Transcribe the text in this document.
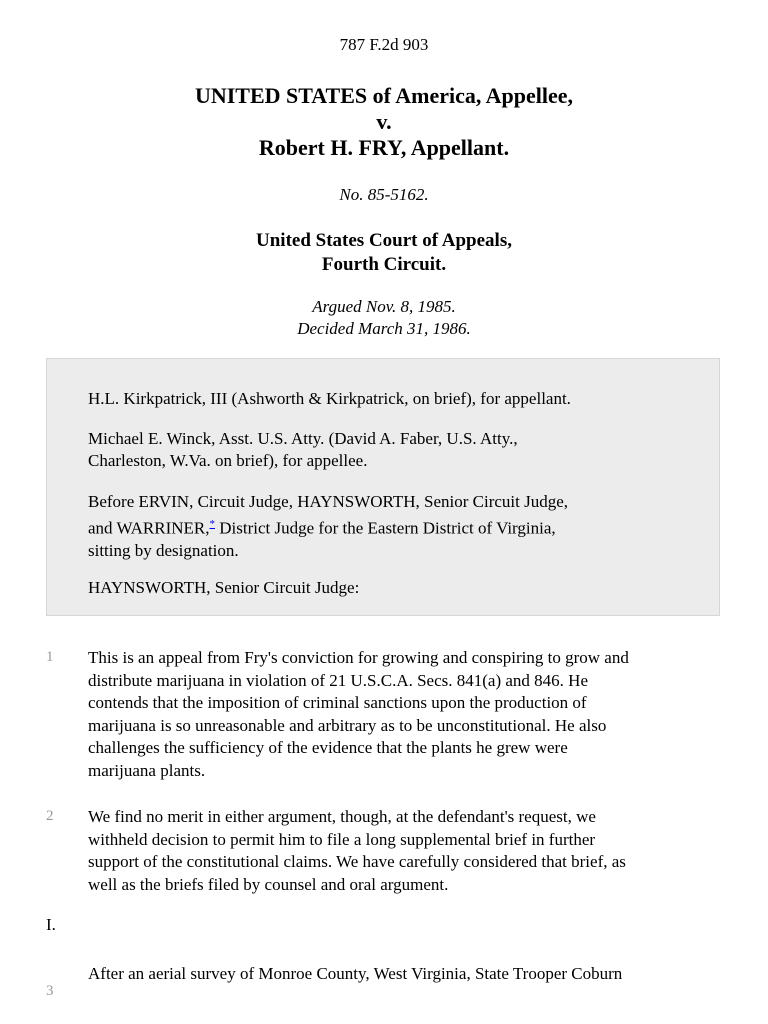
787 F.2d 903
UNITED STATES of America, Appellee,
v.
Robert H. FRY, Appellant.
No. 85-5162.
United States Court of Appeals,
Fourth Circuit.
Argued Nov. 8, 1985.
Decided March 31, 1986.

H.L. Kirkpatrick, III (Ashworth & Kirkpatrick, on brief), for appellant.

Michael E. Winck, Asst. U.S. Atty. (David A. Faber, U.S. Atty.,
Charleston, W.Va. on brief), for appellee.

Before ERVIN, Circuit Judge, HAYNSWORTH, Senior Circuit Judge,
and WARRINER,* District Judge for the Eastern District of Virginia,
sitting by designation.

HAYNSWORTH, Senior Circuit Judge:

1 This is an appeal from Fry's conviction for growing and conspiring to grow and
distribute marijuana in violation of 21 U.S.C.A. Secs. 841(a) and 846. He
contends that the imposition of criminal sanctions upon the production of
marijuana is so unreasonable and arbitrary as to be unconstitutional. He also
challenges the sufficiency of the evidence that the plants he grew were
marijuana plants.

2 We find no merit in either argument, though, at the defendant's request, we
withheld decision to permit him to file a long supplemental brief in further
support of the constitutional claims. We have carefully considered that brief, as
well as the briefs filed by counsel and oral argument.

I.
3

After an aerial survey of Monroe County, West Virginia, State Trooper Coburn
